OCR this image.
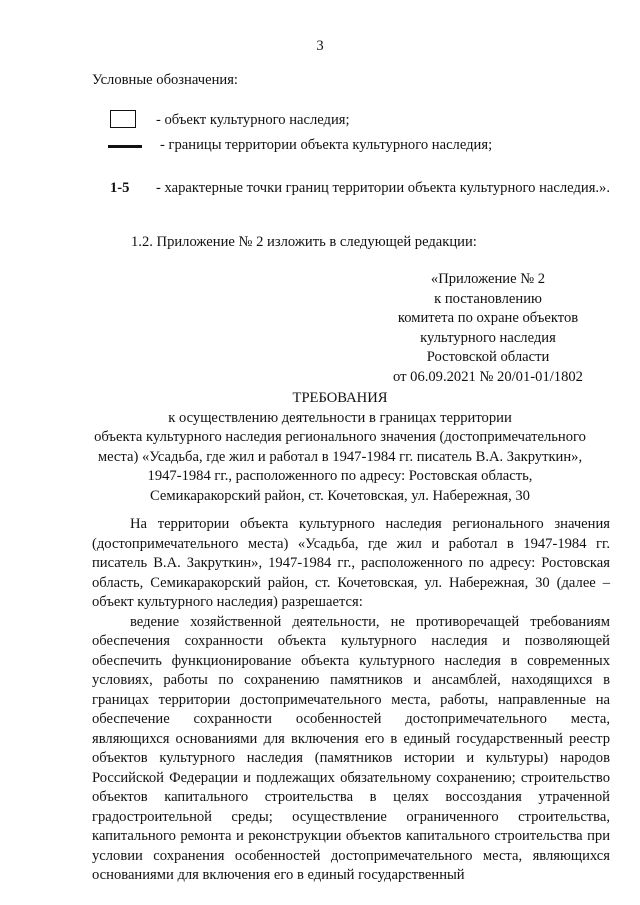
3
Условные обозначения:
- объект культурного наследия;
- границы территории объекта культурного наследия;
1-5 - характерные точки границ территории объекта культурного наследия.».
1.2. Приложение № 2 изложить в следующей редакции:
«Приложение № 2
к постановлению
комитета по охране объектов
культурного наследия
Ростовской области
от 06.09.2021 № 20/01-01/1802
ТРЕБОВАНИЯ
к осуществлению деятельности в границах территории
объекта культурного наследия регионального значения (достопримечательного
места) «Усадьба, где жил и работал в 1947-1984 гг. писатель В.А. Закруткин»,
1947-1984 гг., расположенного по адресу: Ростовская область,
Семикаракорский район, ст. Кочетовская, ул. Набережная, 30

На территории объекта культурного наследия регионального значения (достопримечательного места) «Усадьба, где жил и работал в 1947-1984 гг. писатель В.А. Закруткин», 1947-1984 гг., расположенного по адресу: Ростовская область, Семикаракорский район, ст. Кочетовская, ул. Набережная, 30 (далее – объект культурного наследия) разрешается:

ведение хозяйственной деятельности, не противоречащей требованиям обеспечения сохранности объекта культурного наследия и позволяющей обеспечить функционирование объекта культурного наследия в современных условиях, работы по сохранению памятников и ансамблей, находящихся в границах территории достопримечательного места, работы, направленные на обеспечение сохранности особенностей достопримечательного места, являющихся основаниями для включения его в единый государственный реестр объектов культурного наследия (памятников истории и культуры) народов Российской Федерации и подлежащих обязательному сохранению; строительство объектов капитального строительства в целях воссоздания утраченной градостроительной среды; осуществление ограниченного строительства, капитального ремонта и реконструкции объектов капитального строительства при условии сохранения особенностей достопримечательного места, являющихся основаниями для включения его в единый государственный
